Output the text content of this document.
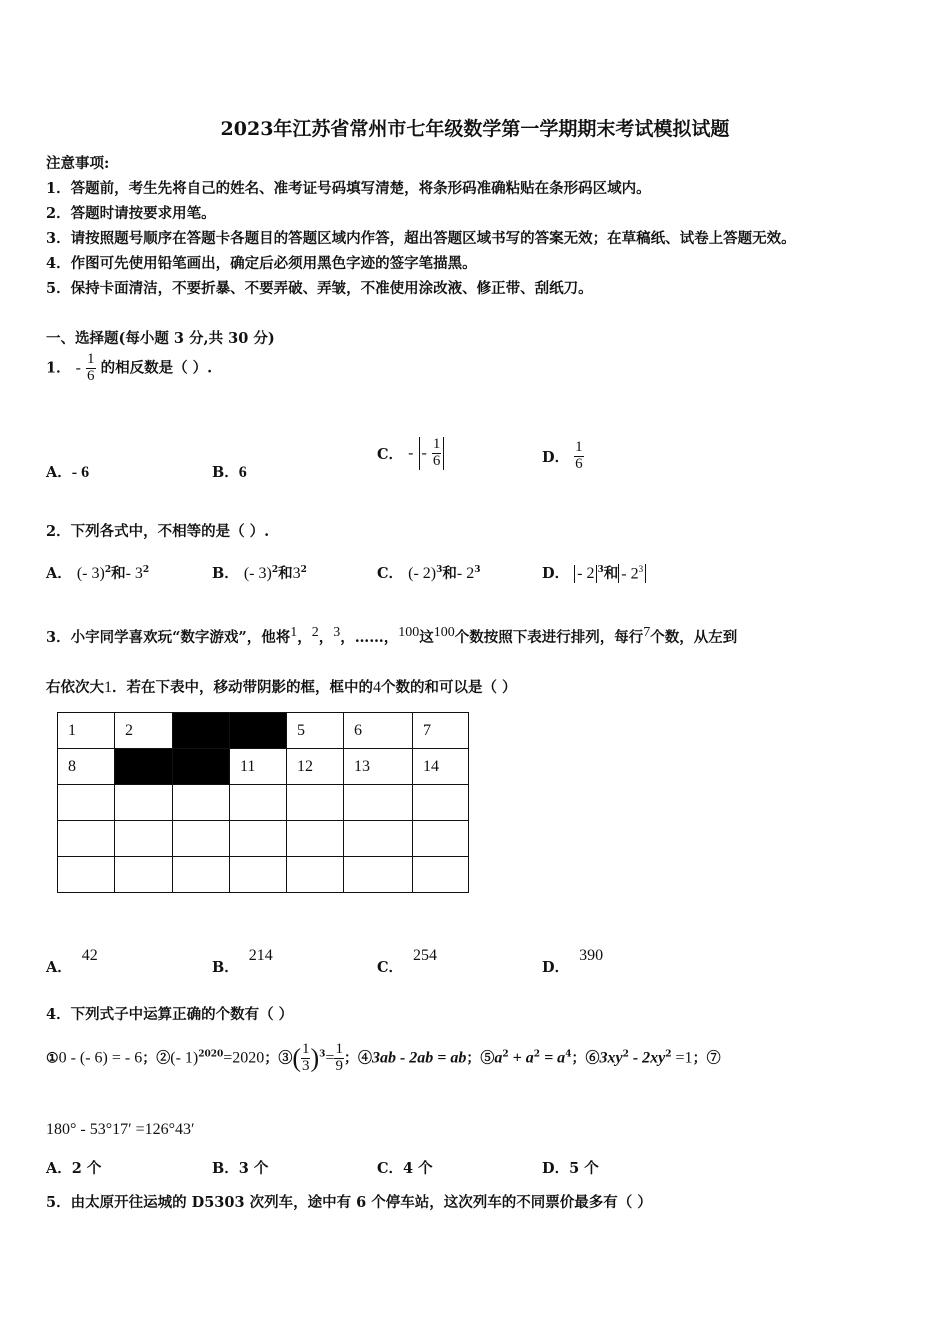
2023年江苏省常州市七年级数学第一学期期末考试模拟试题
注意事项:
1．答题前，考生先将自己的姓名、准考证号码填写清楚，将条形码准确粘贴在条形码区域内。
2．答题时请按要求用笔。
3．请按照题号顺序在答题卡各题目的答题区域内作答，超出答题区域书写的答案无效；在草稿纸、试卷上答题无效。
4．作图可先使用铅笔画出，确定后必须用黑色字迹的签字笔描黑。
5．保持卡面清洁，不要折暴、不要弄破、弄皱，不准使用涂改液、修正带、刮纸刀。
一、选择题(每小题 3 分,共 30 分)
1． - $\frac{1}{6}$ 的相反数是（ ）.
A．- 6	B．6
C． - - $\frac{1}{6}$	D． $\frac{1}{6}$
2．下列各式中，不相等的是（ ）.
A． (- 3)$^2$和- $3^2$	B． (- 3)$^2$和$3^2$	C． (- 2)$^3$和- $2^3$	D． - 2 $^3$和 - $2^3$
3．小宇同学喜欢玩“数字游戏”，他将$^1$，$^2$，$^3$，……，$^{100}$这$^{100}$个数按照下表进行排列，每行$^7$个数，从左到
右依次大1．若在下表中，移动带阴影的框，框中的4个数的和可以是（ ）
1	2			5	6	7
8			11	12	13	14

A．42
B．214
C．254
D．390
4．下列式子中运算正确的个数有（ ）
①0 - (- 6) = - 6；②(- 1)$^{2020}$=2020；③( $\frac{1}{3} )^3= \frac{1}{9}$ ；④3ab - 2ab = ab；$⑤a^2 + a^2 = a^4$；$⑥3xy^2 - 2xy^2 =1$；⑦
180° - 53°17′ =126°43′
A．2 个	B．3 个	C．4 个	D．5 个
5．由太原开往运城的 D5303 次列车，途中有 6 个停车站，这次列车的不同票价最多有（ ）
